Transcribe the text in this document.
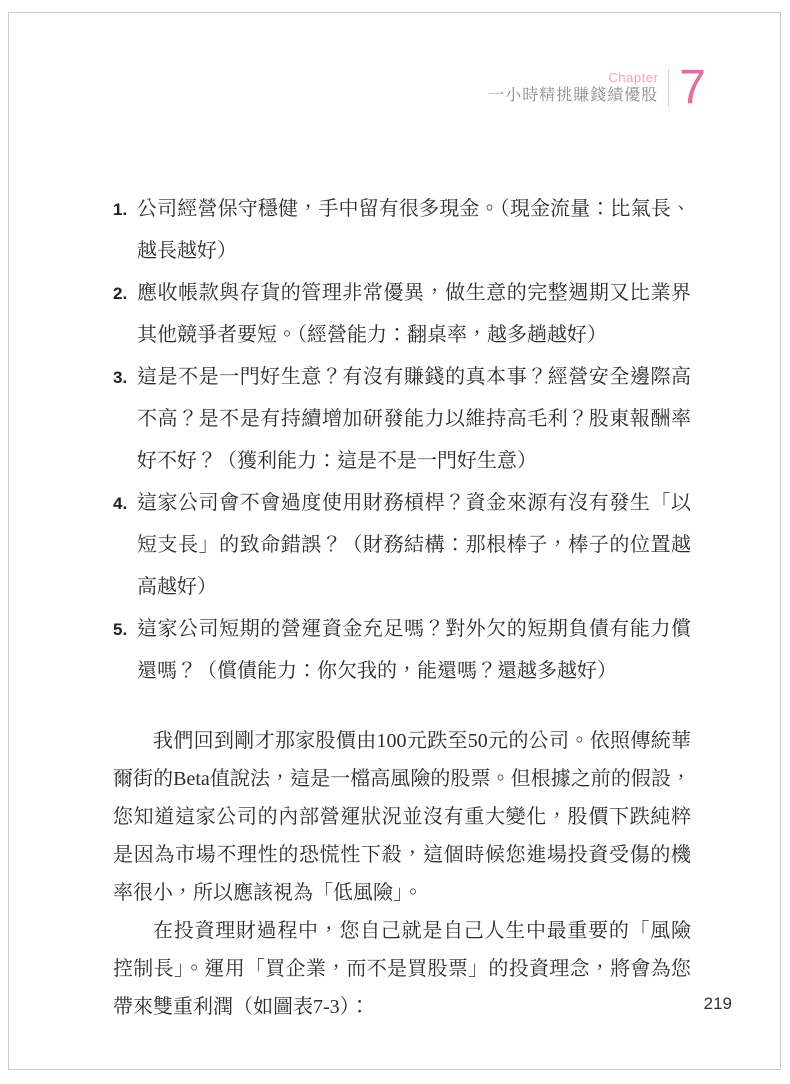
Chapter
一小時精挑賺錢績優股 7
1. 公司經營保守穩健，手中留有很多現金。（現金流量：比氣長、越長越好）
2. 應收帳款與存貨的管理非常優異，做生意的完整週期又比業界其他競爭者要短。（經營能力：翻桌率，越多趟越好）
3. 這是不是一門好生意？有沒有賺錢的真本事？經營安全邊際高不高？是不是有持續增加研發能力以維持高毛利？股東報酬率好不好？（獲利能力：這是不是一門好生意）
4. 這家公司會不會過度使用財務槓桿？資金來源有沒有發生「以短支長」的致命錯誤？（財務結構：那根棒子，棒子的位置越高越好）
5. 這家公司短期的營運資金充足嗎？對外欠的短期負債有能力償還嗎？（償債能力：你欠我的，能還嗎？還越多越好）

我們回到剛才那家股價由100元跌至50元的公司。依照傳統華爾街的Beta值說法，這是一檔高風險的股票。但根據之前的假設，您知道這家公司的內部營運狀況並沒有重大變化，股價下跌純粹是因為市場不理性的恐慌性下殺，這個時候您進場投資受傷的機率很小，所以應該視為「低風險」。

在投資理財過程中，您自己就是自己人生中最重要的「風險控制長」。運用「買企業，而不是買股票」的投資理念，將會為您帶來雙重利潤（如圖表7-3）：	219
